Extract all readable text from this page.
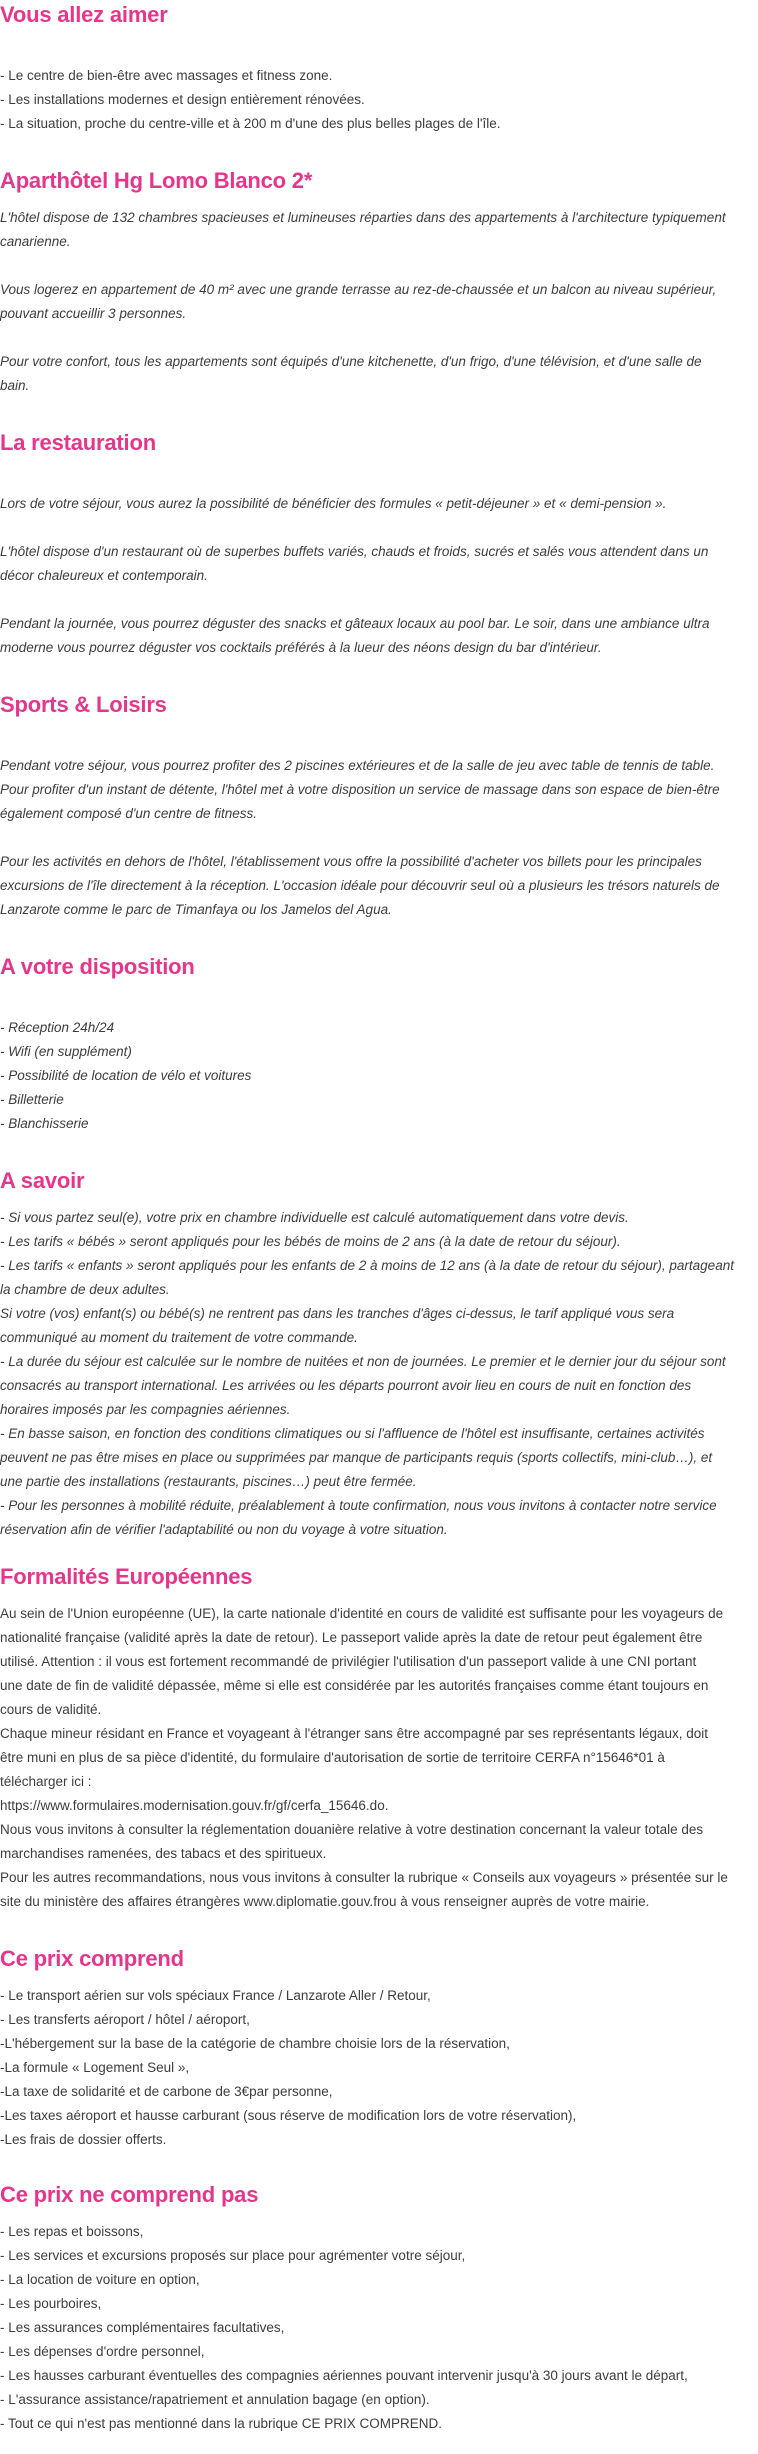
Vous allez aimer
- Le centre de bien-être avec massages et fitness zone.
- Les installations modernes et design entièrement rénovées.
- La situation, proche du centre-ville et à 200 m d'une des plus belles plages de l'île.
Aparthôtel Hg Lomo Blanco 2*
L'hôtel dispose de 132 chambres spacieuses et lumineuses réparties dans des appartements à l'architecture typiquement
canarienne.
Vous logerez en appartement de 40 m² avec une grande terrasse au rez-de-chaussée et un balcon au niveau supérieur,
pouvant accueillir 3 personnes.
Pour votre confort, tous les appartements sont équipés d'une kitchenette, d'un frigo, d'une télévision, et d'une salle de
bain.
La restauration
Lors de votre séjour, vous aurez la possibilité de bénéficier des formules « petit-déjeuner » et « demi-pension ».
L'hôtel dispose d'un restaurant où de superbes buffets variés, chauds et froids, sucrés et salés vous attendent dans un
décor chaleureux et contemporain.
Pendant la journée, vous pourrez déguster des snacks et gâteaux locaux au pool bar. Le soir, dans une ambiance ultra
moderne vous pourrez déguster vos cocktails préférés à la lueur des néons design du bar d'intérieur.
Sports & Loisirs
Pendant votre séjour, vous pourrez profiter des 2 piscines extérieures et de la salle de jeu avec table de tennis de table.
Pour profiter d'un instant de détente, l'hôtel met à votre disposition un service de massage dans son espace de bien-être
également composé d'un centre de fitness.
Pour les activités en dehors de l'hôtel, l'établissement vous offre la possibilité d'acheter vos billets pour les principales
excursions de l'île directement à la réception. L'occasion idéale pour découvrir seul où a plusieurs les trésors naturels de
Lanzarote comme le parc de Timanfaya ou los Jamelos del Agua.
A votre disposition
- Réception 24h/24
- Wifi (en supplément)
- Possibilité de location de vélo et voitures
- Billetterie
- Blanchisserie
A savoir
- Si vous partez seul(e), votre prix en chambre individuelle est calculé automatiquement dans votre devis.
- Les tarifs « bébés » seront appliqués pour les bébés de moins de 2 ans (à la date de retour du séjour).
- Les tarifs « enfants » seront appliqués pour les enfants de 2 à moins de 12 ans (à la date de retour du séjour), partageant
la chambre de deux adultes.
Si votre (vos) enfant(s) ou bébé(s) ne rentrent pas dans les tranches d'âges ci-dessus, le tarif appliqué vous sera
communiqué au moment du traitement de votre commande.
- La durée du séjour est calculée sur le nombre de nuitées et non de journées. Le premier et le dernier jour du séjour sont
consacrés au transport international. Les arrivées ou les départs pourront avoir lieu en cours de nuit en fonction des
horaires imposés par les compagnies aériennes.
- En basse saison, en fonction des conditions climatiques ou si l'affluence de l'hôtel est insuffisante, certaines activités
peuvent ne pas être mises en place ou supprimées par manque de participants requis (sports collectifs, mini-club…), et
une partie des installations (restaurants, piscines…) peut être fermée.
- Pour les personnes à mobilité réduite, préalablement à toute confirmation, nous vous invitons à contacter notre service
réservation afin de vérifier l'adaptabilité ou non du voyage à votre situation.
Formalités Européennes
Au sein de l'Union européenne (UE), la carte nationale d'identité en cours de validité est suffisante pour les voyageurs de
nationalité française (validité après la date de retour). Le passeport valide après la date de retour peut également être
utilisé. Attention : il vous est fortement recommandé de privilégier l'utilisation d'un passeport valide à une CNI portant
une date de fin de validité dépassée, même si elle est considérée par les autorités françaises comme étant toujours en
cours de validité.
Chaque mineur résidant en France et voyageant à l'étranger sans être accompagné par ses représentants légaux, doit
être muni en plus de sa pièce d'identité, du formulaire d'autorisation de sortie de territoire CERFA n°15646*01 à
télécharger ici :
https://www.formulaires.modernisation.gouv.fr/gf/cerfa_15646.do.
Nous vous invitons à consulter la réglementation douanière relative à votre destination concernant la valeur totale des
marchandises ramenées, des tabacs et des spiritueux.
Pour les autres recommandations, nous vous invitons à consulter la rubrique « Conseils aux voyageurs » présentée sur le
site du ministère des affaires étrangères www.diplomatie.gouv.frou à vous renseigner auprès de votre mairie.
Ce prix comprend
- Le transport aérien sur vols spéciaux France / Lanzarote Aller / Retour,
- Les transferts aéroport / hôtel / aéroport,
-L'hébergement sur la base de la catégorie de chambre choisie lors de la réservation,
-La formule « Logement Seul »,
-La taxe de solidarité et de carbone de 3€par personne,
-Les taxes aéroport et hausse carburant (sous réserve de modification lors de votre réservation),
-Les frais de dossier offerts.
Ce prix ne comprend pas
- Les repas et boissons,
- Les services et excursions proposés sur place pour agrémenter votre séjour,
- La location de voiture en option,
- Les pourboires,
- Les assurances complémentaires facultatives,
- Les dépenses d'ordre personnel,
- Les hausses carburant éventuelles des compagnies aériennes pouvant intervenir jusqu'à 30 jours avant le départ,
- L'assurance assistance/rapatriement et annulation bagage (en option).
- Tout ce qui n'est pas mentionné dans la rubrique CE PRIX COMPREND.
